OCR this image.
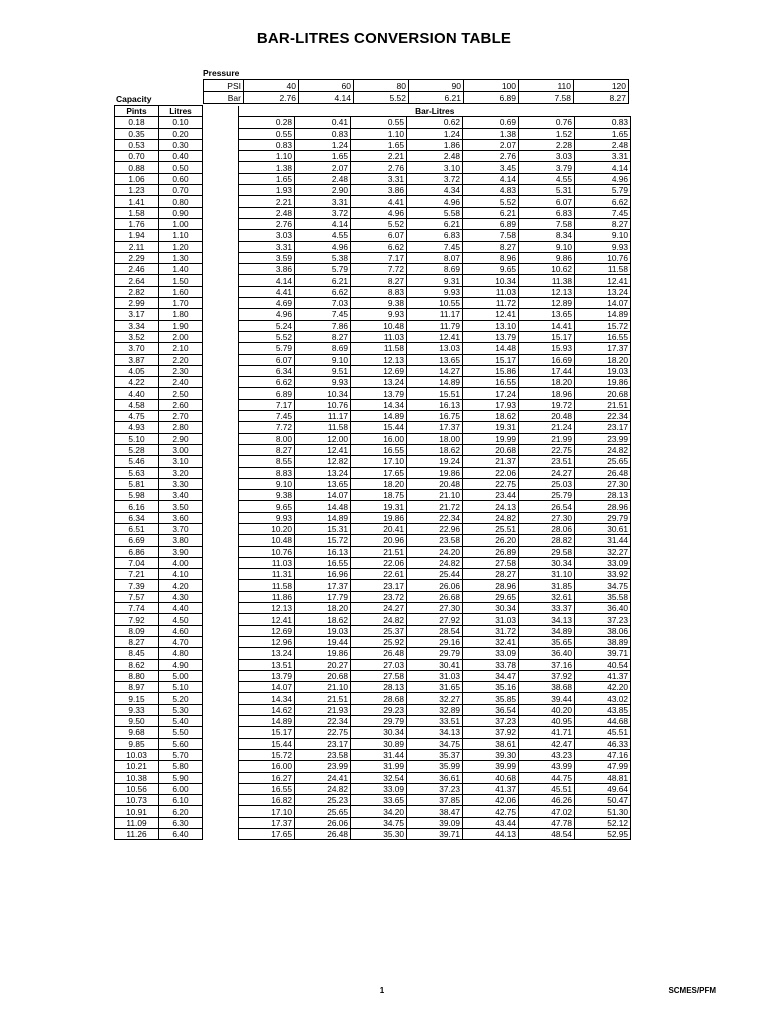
BAR-LITRES CONVERSION TABLE
Pressure
Capacity
PSI	40	60	80	90	100	110	120
Bar	2.76	4.14	5.52	6.21	6.89	7.58	8.27
Pints	Litres		Bar-Litres						
0.18	0.10		0.28	0.41	0.55	0.62	0.69	0.76	0.83
0.35	0.20		0.55	0.83	1.10	1.24	1.38	1.52	1.65
0.53	0.30		0.83	1.24	1.65	1.86	2.07	2.28	2.48
0.70	0.40		1.10	1.65	2.21	2.48	2.76	3.03	3.31
0.88	0.50		1.38	2.07	2.76	3.10	3.45	3.79	4.14
1.06	0.60		1.65	2.48	3.31	3.72	4.14	4.55	4.96
1.23	0.70		1.93	2.90	3.86	4.34	4.83	5.31	5.79
1.41	0.80		2.21	3.31	4.41	4.96	5.52	6.07	6.62
1.58	0.90		2.48	3.72	4.96	5.58	6.21	6.83	7.45
1.76	1.00		2.76	4.14	5.52	6.21	6.89	7.58	8.27
1.94	1.10		3.03	4.55	6.07	6.83	7.58	8.34	9.10
2.11	1.20		3.31	4.96	6.62	7.45	8.27	9.10	9.93
2.29	1.30		3.59	5.38	7.17	8.07	8.96	9.86	10.76
2.46	1.40		3.86	5.79	7.72	8.69	9.65	10.62	11.58
2.64	1.50		4.14	6.21	8.27	9.31	10.34	11.38	12.41
2.82	1.60		4.41	6.62	8.83	9.93	11.03	12.13	13.24
2.99	1.70		4.69	7.03	9.38	10.55	11.72	12.89	14.07
3.17	1.80		4.96	7.45	9.93	11.17	12.41	13.65	14.89
3.34	1.90		5.24	7.86	10.48	11.79	13.10	14.41	15.72
3.52	2.00		5.52	8.27	11.03	12.41	13.79	15.17	16.55
3.70	2.10		5.79	8.69	11.58	13.03	14.48	15.93	17.37
3.87	2.20		6.07	9.10	12.13	13.65	15.17	16.69	18.20
4.05	2.30		6.34	9.51	12.69	14.27	15.86	17.44	19.03
4.22	2.40		6.62	9.93	13.24	14.89	16.55	18.20	19.86
4.40	2.50		6.89	10.34	13.79	15.51	17.24	18.96	20.68
4.58	2.60		7.17	10.76	14.34	16.13	17.93	19.72	21.51
4.75	2.70		7.45	11.17	14.89	16.75	18.62	20.48	22.34
4.93	2.80		7.72	11.58	15.44	17.37	19.31	21.24	23.17
5.10	2.90		8.00	12.00	16.00	18.00	19.99	21.99	23.99
5.28	3.00		8.27	12.41	16.55	18.62	20.68	22.75	24.82
5.46	3.10		8.55	12.82	17.10	19.24	21.37	23.51	25.65
5.63	3.20		8.83	13.24	17.65	19.86	22.06	24.27	26.48
5.81	3.30		9.10	13.65	18.20	20.48	22.75	25.03	27.30
5.98	3.40		9.38	14.07	18.75	21.10	23.44	25.79	28.13
6.16	3.50		9.65	14.48	19.31	21.72	24.13	26.54	28.96
6.34	3.60		9.93	14.89	19.86	22.34	24.82	27.30	29.79
6.51	3.70		10.20	15.31	20.41	22.96	25.51	28.06	30.61
6.69	3.80		10.48	15.72	20.96	23.58	26.20	28.82	31.44
6.86	3.90		10.76	16.13	21.51	24.20	26.89	29.58	32.27
7.04	4.00		11.03	16.55	22.06	24.82	27.58	30.34	33.09
7.21	4.10		11.31	16.96	22.61	25.44	28.27	31.10	33.92
7.39	4.20		11.58	17.37	23.17	26.06	28.96	31.85	34.75
7.57	4.30		11.86	17.79	23.72	26.68	29.65	32.61	35.58
7.74	4.40		12.13	18.20	24.27	27.30	30.34	33.37	36.40
7.92	4.50		12.41	18.62	24.82	27.92	31.03	34.13	37.23
8.09	4.60		12.69	19.03	25.37	28.54	31.72	34.89	38.06
8.27	4.70		12.96	19.44	25.92	29.16	32.41	35.65	38.89
8.45	4.80		13.24	19.86	26.48	29.79	33.09	36.40	39.71
8.62	4.90		13.51	20.27	27.03	30.41	33.78	37.16	40.54
8.80	5.00		13.79	20.68	27.58	31.03	34.47	37.92	41.37
8.97	5.10		14.07	21.10	28.13	31.65	35.16	38.68	42.20
9.15	5.20		14.34	21.51	28.68	32.27	35.85	39.44	43.02
9.33	5.30		14.62	21.93	29.23	32.89	36.54	40.20	43.85
9.50	5.40		14.89	22.34	29.79	33.51	37.23	40.95	44.68
9.68	5.50		15.17	22.75	30.34	34.13	37.92	41.71	45.51
9.85	5.60		15.44	23.17	30.89	34.75	38.61	42.47	46.33
10.03	5.70		15.72	23.58	31.44	35.37	39.30	43.23	47.16
10.21	5.80		16.00	23.99	31.99	35.99	39.99	43.99	47.99
10.38	5.90		16.27	24.41	32.54	36.61	40.68	44.75	48.81
10.56	6.00		16.55	24.82	33.09	37.23	41.37	45.51	49.64
10.73	6.10		16.82	25.23	33.65	37.85	42.06	46.26	50.47
10.91	6.20		17.10	25.65	34.20	38.47	42.75	47.02	51.30
11.09	6.30		17.37	26.06	34.75	39.09	43.44	47.78	52.12
11.26	6.40		17.65	26.48	35.30	39.71	44.13	48.54	52.95
1	SCMES/PFM
